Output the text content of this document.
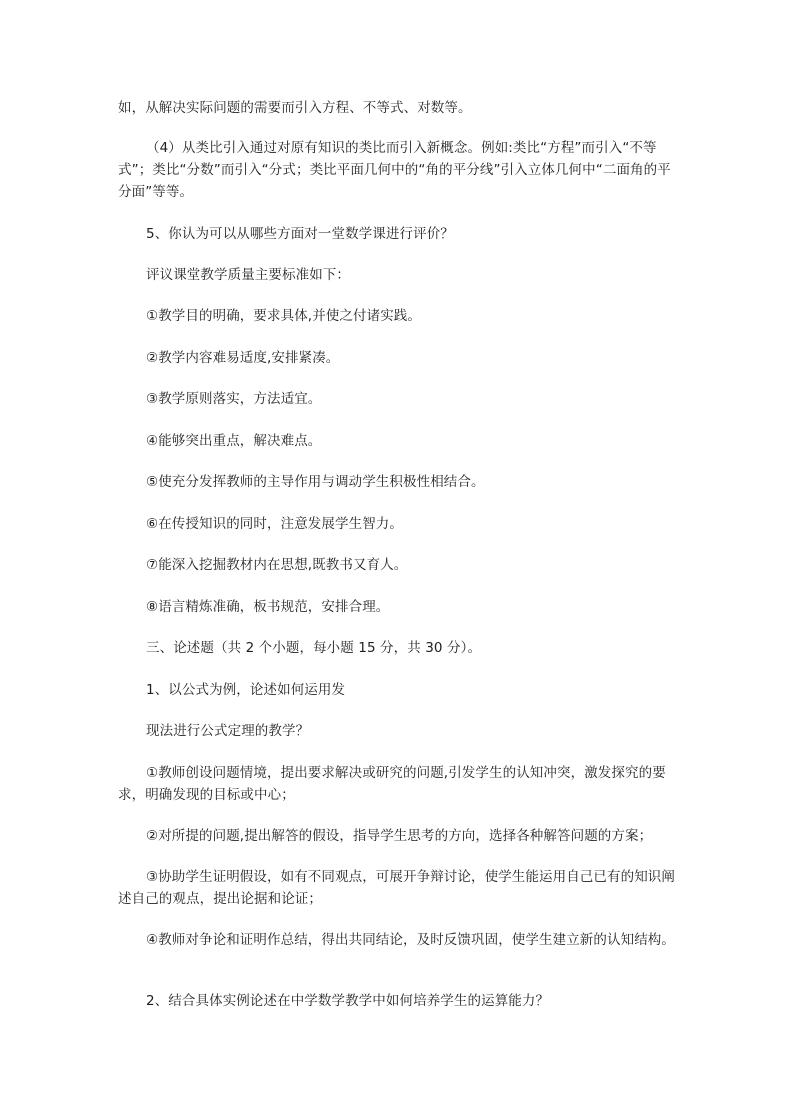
如，从解决实际问题的需要而引入方程、不等式、对数等。
（4）从类比引入通过对原有知识的类比而引入新概念。例如:类比“方程”而引入“不等式”；类比“分数”而引入“分式；类比平面几何中的“角的平分线”引入立体几何中“二面角的平分面”等等。
5、你认为可以从哪些方面对一堂数学课进行评价？
评议课堂教学质量主要标准如下：
①教学目的明确，要求具体,并使之付诸实践。
②教学内容难易适度,安排紧凑。
③教学原则落实，方法适宜。
④能够突出重点，解决难点。
⑤使充分发挥教师的主导作用与调动学生积极性相结合。
⑥在传授知识的同时，注意发展学生智力。
⑦能深入挖掘教材内在思想,既教书又育人。
⑧语言精炼准确，板书规范，安排合理。
三、论述题（共 2 个小题，每小题 15 分，共 30 分）。
1、以公式为例，论述如何运用发
现法进行公式定理的教学？
①教师创设问题情境，提出要求解决或研究的问题,引发学生的认知冲突，激发探究的要求，明确发现的目标或中心；
②对所提的问题,提出解答的假设，指导学生思考的方向，选择各种解答问题的方案；
③协助学生证明假设，如有不同观点，可展开争辩讨论，使学生能运用自己已有的知识阐述自己的观点，提出论据和论证；
④教师对争论和证明作总结，得出共同结论，及时反馈巩固，使学生建立新的认知结构。
2、结合具体实例论述在中学数学教学中如何培养学生的运算能力？
